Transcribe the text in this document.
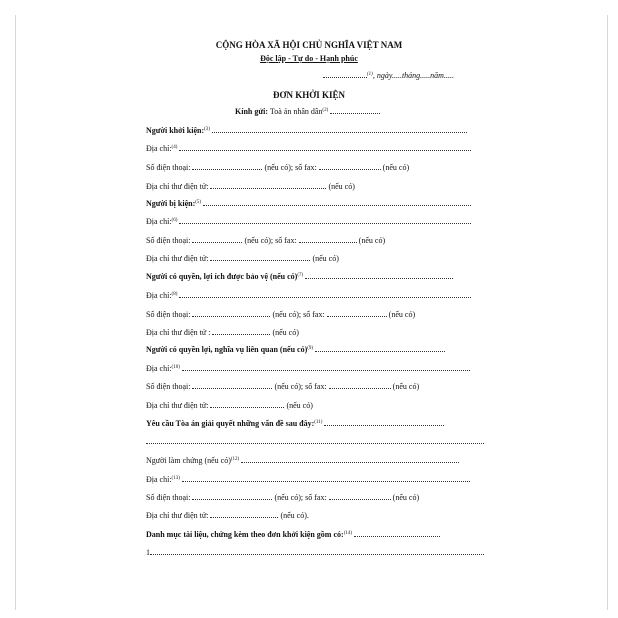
CỘNG HÒA XÃ HỘI CHỦ NGHĨA VIỆT NAM
Độc lập - Tự do - Hạnh phúc
$^{(1)}$, ngày.....tháng.....năm.....
ĐƠN KHỞI KIỆN
Kính gửi: Toà án nhân dân$^{(2)}$
Người khởi kiện:$^{(3)}$
Địa chỉ:$^{(4)}$
Số điện thoại:	(nếu có); số fax:	(nếu có)
Địa chỉ thư điện tử:	(nếu có)
Người bị kiện:$^{(5)}$
Địa chỉ:$^{(6)}$
Số điện thoại:	(nếu có); số fax:	(nếu có)
Địa chỉ thư điện tử:	(nếu có)
Người có quyền, lợi ích được bảo vệ (nếu có)$^{(7)}$
Địa chỉ:$^{(8)}$
Số điện thoại:	(nếu có); số fax:	(nếu có)
Địa chỉ thư điện tử :	(nếu có)
Người có quyền lợi, nghĩa vụ liên quan (nếu có)$^{(9)}$
Địa chỉ:$^{(10)}$
Số điện thoại:	(nếu có); số fax:	(nếu có)
Địa chỉ thư điện tử:	(nếu có)
Yêu cầu Tòa án giải quyết những vấn đề sau đây:$^{(11)}$
Người làm chứng (nếu có)$^{(12)}$
Địa chỉ:$^{(13)}$
Số điện thoại:	(nếu có); số fax:	(nếu có)
Địa chỉ thư điện tử:	(nếu có).
Danh mục tài liệu, chứng kèm theo đơn khởi kiện gồm có:$^{(14)}$
1
